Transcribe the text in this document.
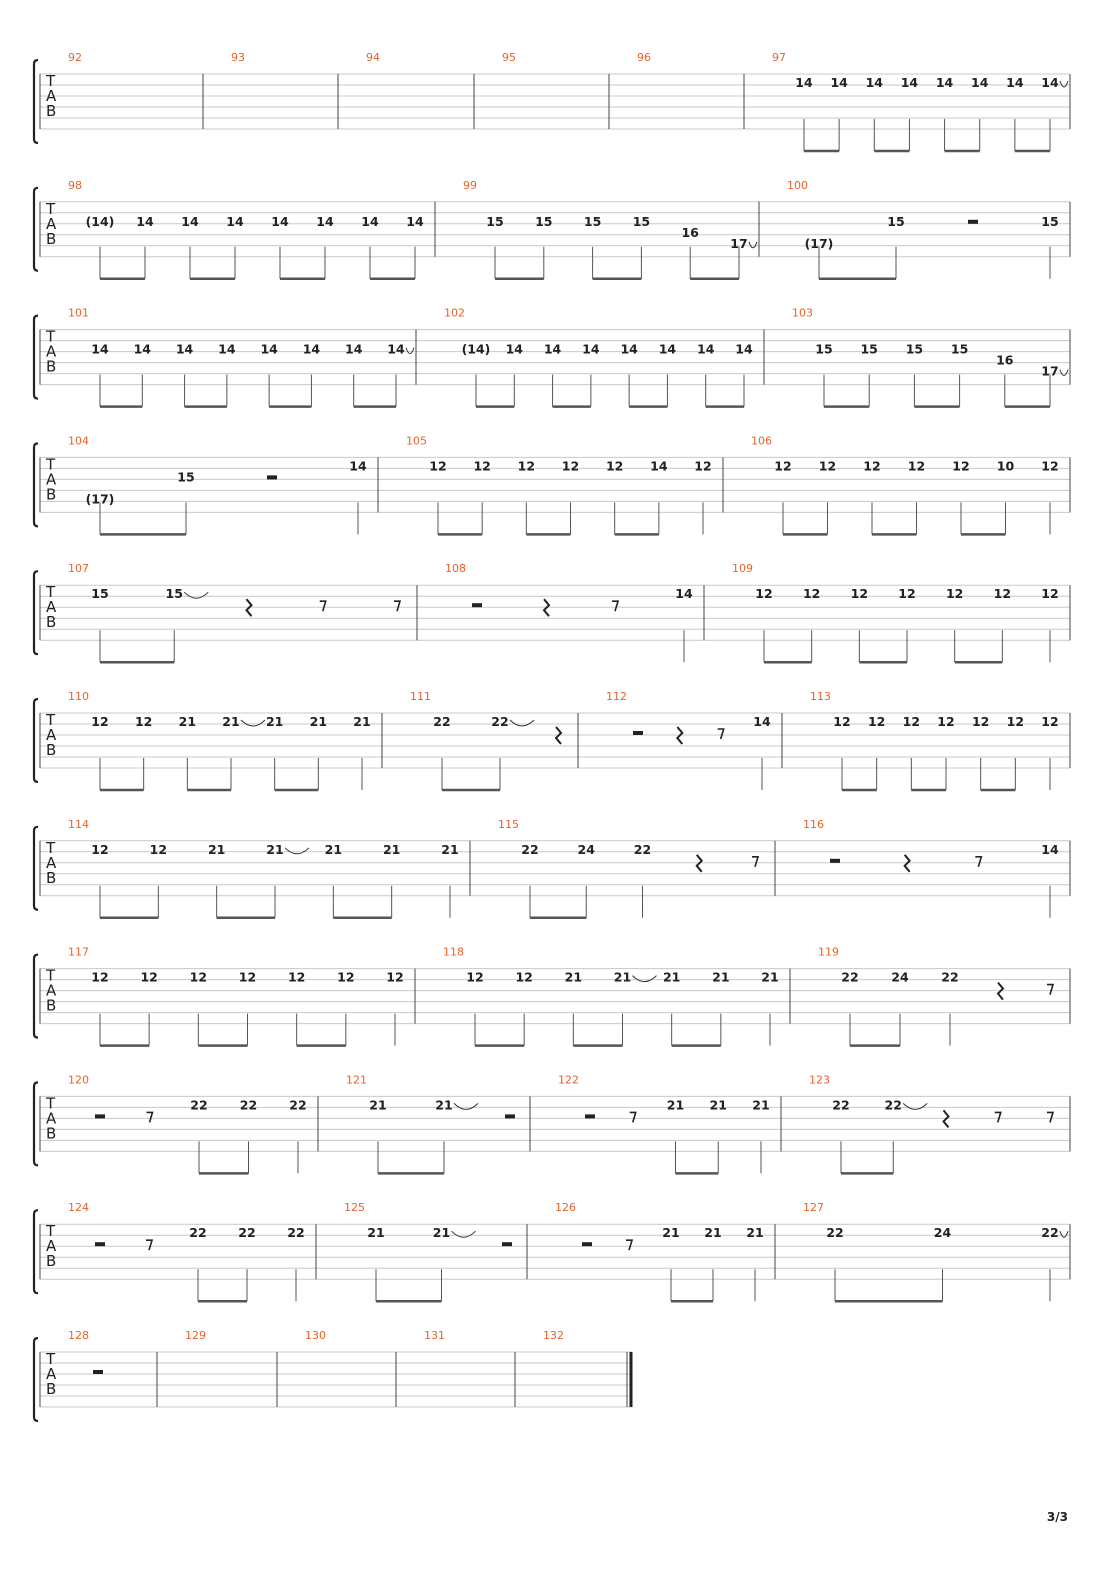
T
A
B
92	93	94	95	96	97
14 14 14 14 14 14 14 14
T
A
B
98
(14) 14 14 14 14 14 14 14
99
15	15	15	15
16
17
100
(17)
15	15
T
A
B
101
14 14 14 14 14 14 14 14
102
(14) 14 14 14 14 14 14 14
103
15 15 15 15
16
17
T
A
B
104
(17)
15
14
105
12 12 12 12 12 14 12
106
12 12 12 12 12 10 12
T
A
B
107
15	15
108
14
109
12 12 12 12 12 12 12
T
A
B
110
12 12 21 21 21 21 21
111
22	22
112
14
113
12 12 12 12 12 12 12
T
A
B
114
12	12	21	21	21	21	21
115
22	24	22
116
14
T
A
B
117
12	12	12	12	12	12	12
118
12	12	21	21	21	21	21
119
22	24	22
T
A
B
120
22	22	22
121
21	21
122
21 21 21
123
22	22
T
A
B
124
22	22	22
125
21	21
126
21 21 21
127
22	24	22
T
A
B
128	129	130	131	132
3/3
